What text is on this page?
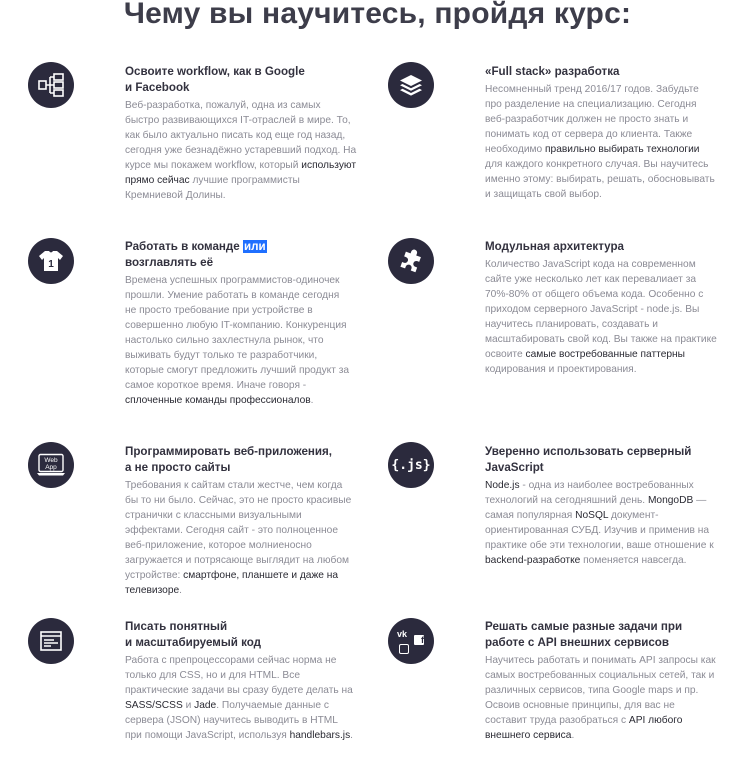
Чему вы научитесь, пройдя курс:
Освоите workflow, как в Google
и Facebook

Веб-разработка, пожалуй, одна из самых быстро развивающихся IT-отраслей в мире. То, как было актуально писать код еще год назад, сегодня уже безнадёжно устаревший подход. На курсе мы покажем workflow, который используют прямо сейчас лучшие программисты Кремниевой Долины.

«Full stack» разработка

Несомненный тренд 2016/17 годов. Забудьте про разделение на специализацию. Сегодня веб-разработчик должен не просто знать и понимать код от сервера до клиента. Также необходимо правильно выбирать технологии для каждого конкретного случая. Вы научитесь именно этому: выбирать, решать, обосновывать и защищать свой выбор.

1
Работать в команде или
возглавлять её

Времена успешных программистов-одиночек прошли. Умение работать в команде сегодня не просто требование при устройстве в совершенно любую IT-компанию. Конкуренция настолько сильно захлестнула рынок, что выживать будут только те разработчики, которые смогут предложить лучший продукт за самое короткое время. Иначе говоря - сплоченные команды профессионалов.

Модульная архитектура

Количество JavaScript кода на современном сайте уже несколько лет как перевалиает за 70%-80% от общего объема кода. Особенно с приходом серверного JavaScript - node.js. Вы научитесь планировать, создавать и масштабировать свой код. Вы также на практике освоите самые востребованные паттерны кодирования и проектирования.

Web
App
Программировать веб-приложения,
а не просто сайты

Требования к сайтам стали жестче, чем когда бы то ни было. Сейчас, это не просто красивые странички с классными визуальными эффектами. Сегодня сайт - это полноценное веб-приложение, которое молниеносно загружается и потрясающе выглядит на любом устройстве: смартфоне, планшете и даже на телевизоре.

{.js}
Уверенно использовать серверный
JavaScript

Node.js - одна из наиболее востребованных технологий на сегодняшний день. MongoDB — самая популярная NoSQL документ-ориентированная СУБД. Изучив и применив на практике обе эти технологии, ваше отношение к backend-разработке поменяется навсегда.

Писать понятный
и масштабируемый код

Работа с препроцессорами сейчас норма не только для CSS, но и для HTML. Все практические задачи вы сразу будете делать на SASS/SCSS и Jade. Получаемые данные с сервера (JSON) научитесь выводить в HTML при помощи JavaScript, используя handlebars.js.

vk
f
Решать самые разные задачи при
работе с API внешних сервисов

Научитесь работать и понимать API запросы как самых востребованных социальных сетей, так и различных сервисов, типа Google maps и пр. Освоив основные принципы, для вас не составит труда разобраться с API любого внешнего сервиса.
